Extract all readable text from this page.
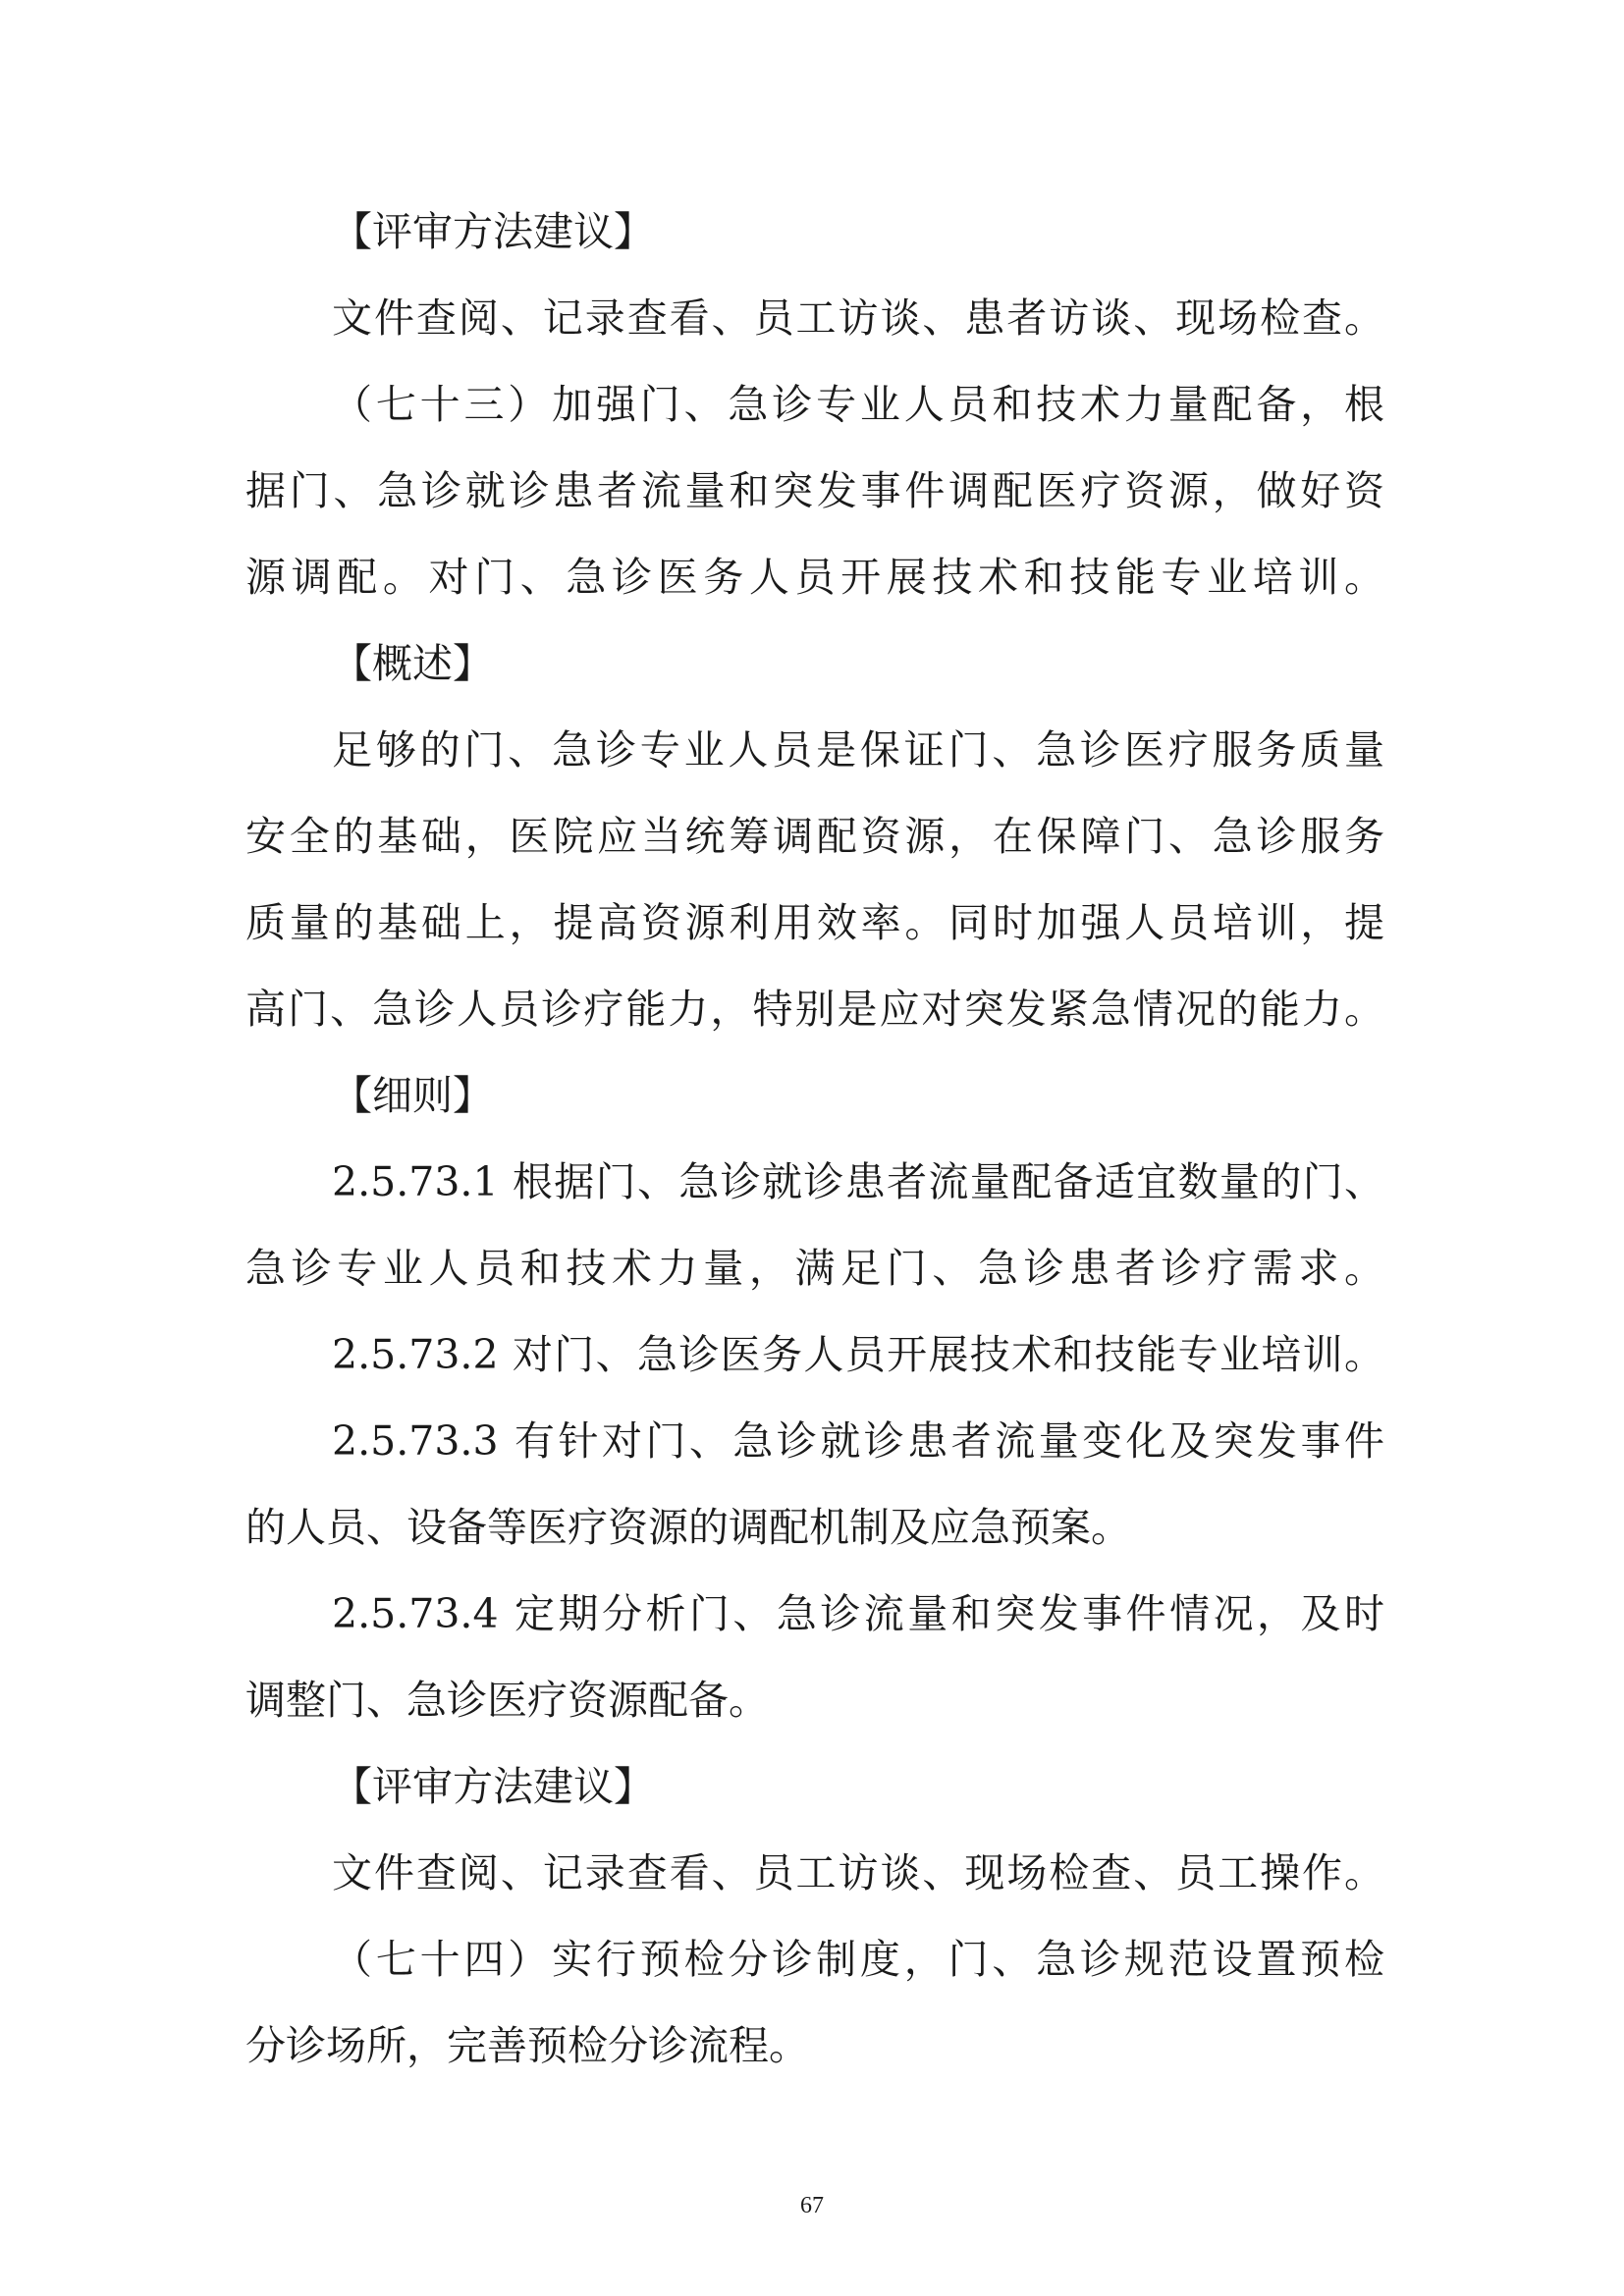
【评审方法建议】
文件查阅、记录查看、员工访谈、患者访谈、现场检查。
（七十三）加强门、急诊专业人员和技术力量配备，根
据门、急诊就诊患者流量和突发事件调配医疗资源，做好资
源调配。对门、急诊医务人员开展技术和技能专业培训。
【概述】
足够的门、急诊专业人员是保证门、急诊医疗服务质量
安全的基础，医院应当统筹调配资源，在保障门、急诊服务
质量的基础上，提高资源利用效率。同时加强人员培训，提
高门、急诊人员诊疗能力，特别是应对突发紧急情况的能力。
【细则】
2.5.73.1 根据门、急诊就诊患者流量配备适宜数量的门、
急诊专业人员和技术力量，满足门、急诊患者诊疗需求。
2.5.73.2 对门、急诊医务人员开展技术和技能专业培训。
2.5.73.3 有针对门、急诊就诊患者流量变化及突发事件
的人员、设备等医疗资源的调配机制及应急预案。
2.5.73.4 定期分析门、急诊流量和突发事件情况，及时
调整门、急诊医疗资源配备。
【评审方法建议】
文件查阅、记录查看、员工访谈、现场检查、员工操作。
（七十四）实行预检分诊制度，门、急诊规范设置预检
分诊场所，完善预检分诊流程。
67
